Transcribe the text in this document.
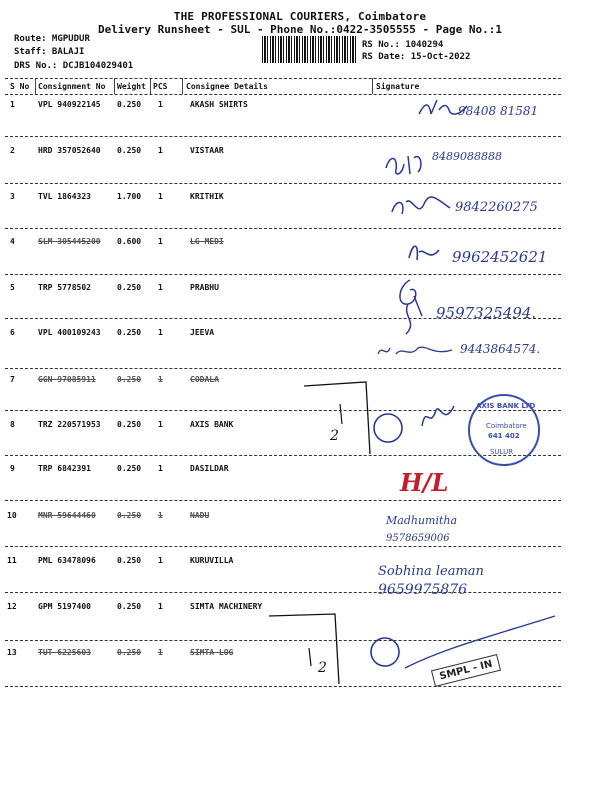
THE PROFESSIONAL COURIERS, Coimbatore
Delivery Runsheet - SUL - Phone No.:0422-3505555 - Page No.:1
Route: MGPUDUR
Staff: BALAJI
DRS No.: DCJB104029401
RS No.: 1040294
RS Date: 15-Oct-2022
S No Consignment No Weight PCS Consignee Details	Signature
1	VPL 940922145 0.250 1	AKASH SHIRTS
2	HRD 357052640 0.250 1	VISTAAR
3	TVL 1864323	1.700 1	KRITHIK
4	SLM 305445200 0.600 1	LG MEDI
5	TRP 5778502	0.250 1	PRABHU
6	VPL 400109243 0.250 1	JEEVA
7	GGN 97085911	0.250 1	CODALA
8	TRZ 220571953 0.250 1	AXIS BANK
9	TRP 6842391	0.250 1	DASILDAR
10	MNR 59644460	0.250 1	NADU
11	PML 63478096	0.250 1	KURUVILLA
12	GPM 5197400	0.250 1	SIMTA MACHINERY
13	TUT 6225603	0.250 1	SIMTA LOG
98408 81581
8489088888
9842260275
9962452621
9597325494.
9443864574.
2
AXIS BANK LTD
Coimbatore
641 402
SULUR
H/L
Madhumitha
9578659006
Sobhina leaman
9659975876
2	SMPL - IN
